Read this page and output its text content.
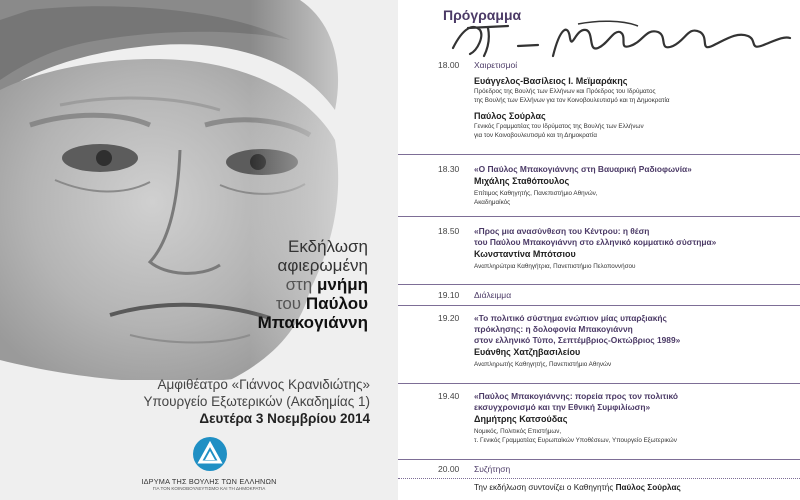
Εκδήλωση
αφιερωμένη
στη μνήμη
του Παύλου
Μπακογιάννη
Αμφιθέατρο «Γιάννος Κρανιδιώτης»
Υπουργείο Εξωτερικών (Ακαδημίας 1)
Δευτέρα 3 Νοεμβρίου 2014
ΙΔΡΥΜΑ ΤΗΣ ΒΟΥΛΗΣ ΤΩΝ ΕΛΛΗΝΩΝ
ΓΙΑ ΤΟΝ ΚΟΙΝΟΒΟΥΛΕΥΤΙΣΜΟ ΚΑΙ ΤΗ ΔΗΜΟΚΡΑΤΙΑ
Πρόγραμμα
18.00	Χαιρετισμοί
Ευάγγελος-Βασίλειος Ι. Μεϊμαράκης
Πρόεδρος της Βουλής των Ελλήνων και Πρόεδρος του Ιδρύματος
της Βουλής των Ελλήνων για τον Κοινοβουλευτισμό και τη Δημοκρατία
Παύλος Σούρλας
Γενικός Γραμματέας του Ιδρύματος της Βουλής των Ελλήνων
για τον Κοινοβουλευτισμό και τη Δημοκρατία
18.30	«Ο Παύλος Μπακογιάννης στη Βαυαρική Ραδιοφωνία»
Μιχάλης Σταθόπουλος
Επίτιμος Καθηγητής, Πανεπιστήμιο Αθηνών,
Ακαδημαϊκός
18.50	«Προς μια ανασύνθεση του Κέντρου: η θέση
του Παύλου Μπακογιάννη στο ελληνικό κομματικό σύστημα»
Κωνσταντίνα Μπότσιου
Αναπληρώτρια Καθηγήτρια, Πανεπιστήμιο Πελοποννήσου
19.10	Διάλειμμα
19.20	«Το πολιτικό σύστημα ενώπιον μίας υπαρξιακής
πρόκλησης: η δολοφονία Μπακογιάννη
στον ελληνικό Τύπο, Σεπτέμβριος-Οκτώβριος 1989»
Ευάνθης Χατζηβασιλείου
Αναπληρωτής Καθηγητής, Πανεπιστήμιο Αθηνών
19.40	«Παύλος Μπακογιάννης: πορεία προς τον πολιτικό
εκσυγχρονισμό και την Εθνική Συμφιλίωση»
Δημήτρης Κατσούδας
Νομικός, Πολιτικός Επιστήμων,
τ. Γενικός Γραμματέας Ευρωπαϊκών Υποθέσεων, Υπουργείο Εξωτερικών
20.00	Συζήτηση
Την εκδήλωση συντονίζει ο Καθηγητής Παύλος Σούρλας
